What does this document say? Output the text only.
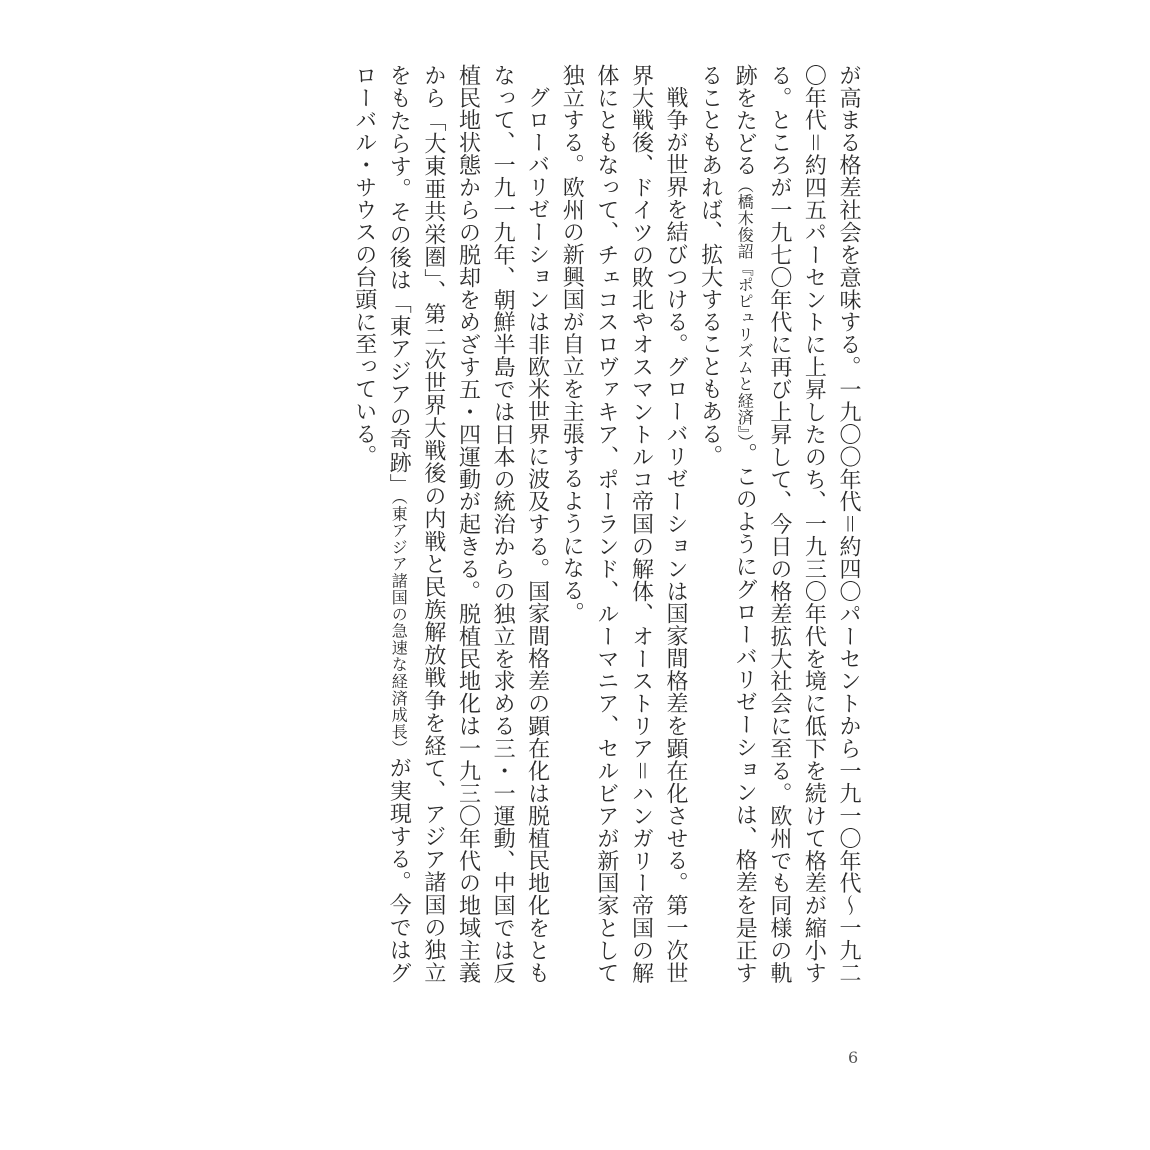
が高まる格差社会を意味する。一九〇〇年代＝約四〇パーセントから一九一〇年代〜一九二〇年代＝約四五パーセントに上昇したのち、一九三〇年代を境に低下を続けて格差が縮小する。ところが一九七〇年代に再び上昇して、今日の格差拡大社会に至る。欧州でも同様の軌跡をたどる（橋木俊詔『ポピュリズムと経済』）。このようにグローバリゼーションは、格差を是正することもあれば、拡大することもある。

戦争が世界を結びつける。グローバリゼーションは国家間格差を顕在化させる。第一次世界大戦後、ドイツの敗北やオスマントルコ帝国の解体、オーストリア＝ハンガリー帝国の解体にともなって、チェコスロヴァキア、ポーランド、ルーマニア、セルビアが新国家として独立する。欧州の新興国が自立を主張するようになる。

グローバリゼーションは非欧米世界に波及する。国家間格差の顕在化は脱植民地化をともなって、一九一九年、朝鮮半島では日本の統治からの独立を求める三・一運動、中国では反植民地状態からの脱却をめざす五・四運動が起きる。脱植民地化は一九三〇年代の地域主義から「大東亜共栄圏」、第二次世界大戦後の内戦と民族解放戦争を経て、アジア諸国の独立をもたらす。その後は「東アジアの奇跡」（東アジア諸国の急速な経済成長）が実現する。今ではグローバル・サウスの台頭に至っている。

6
